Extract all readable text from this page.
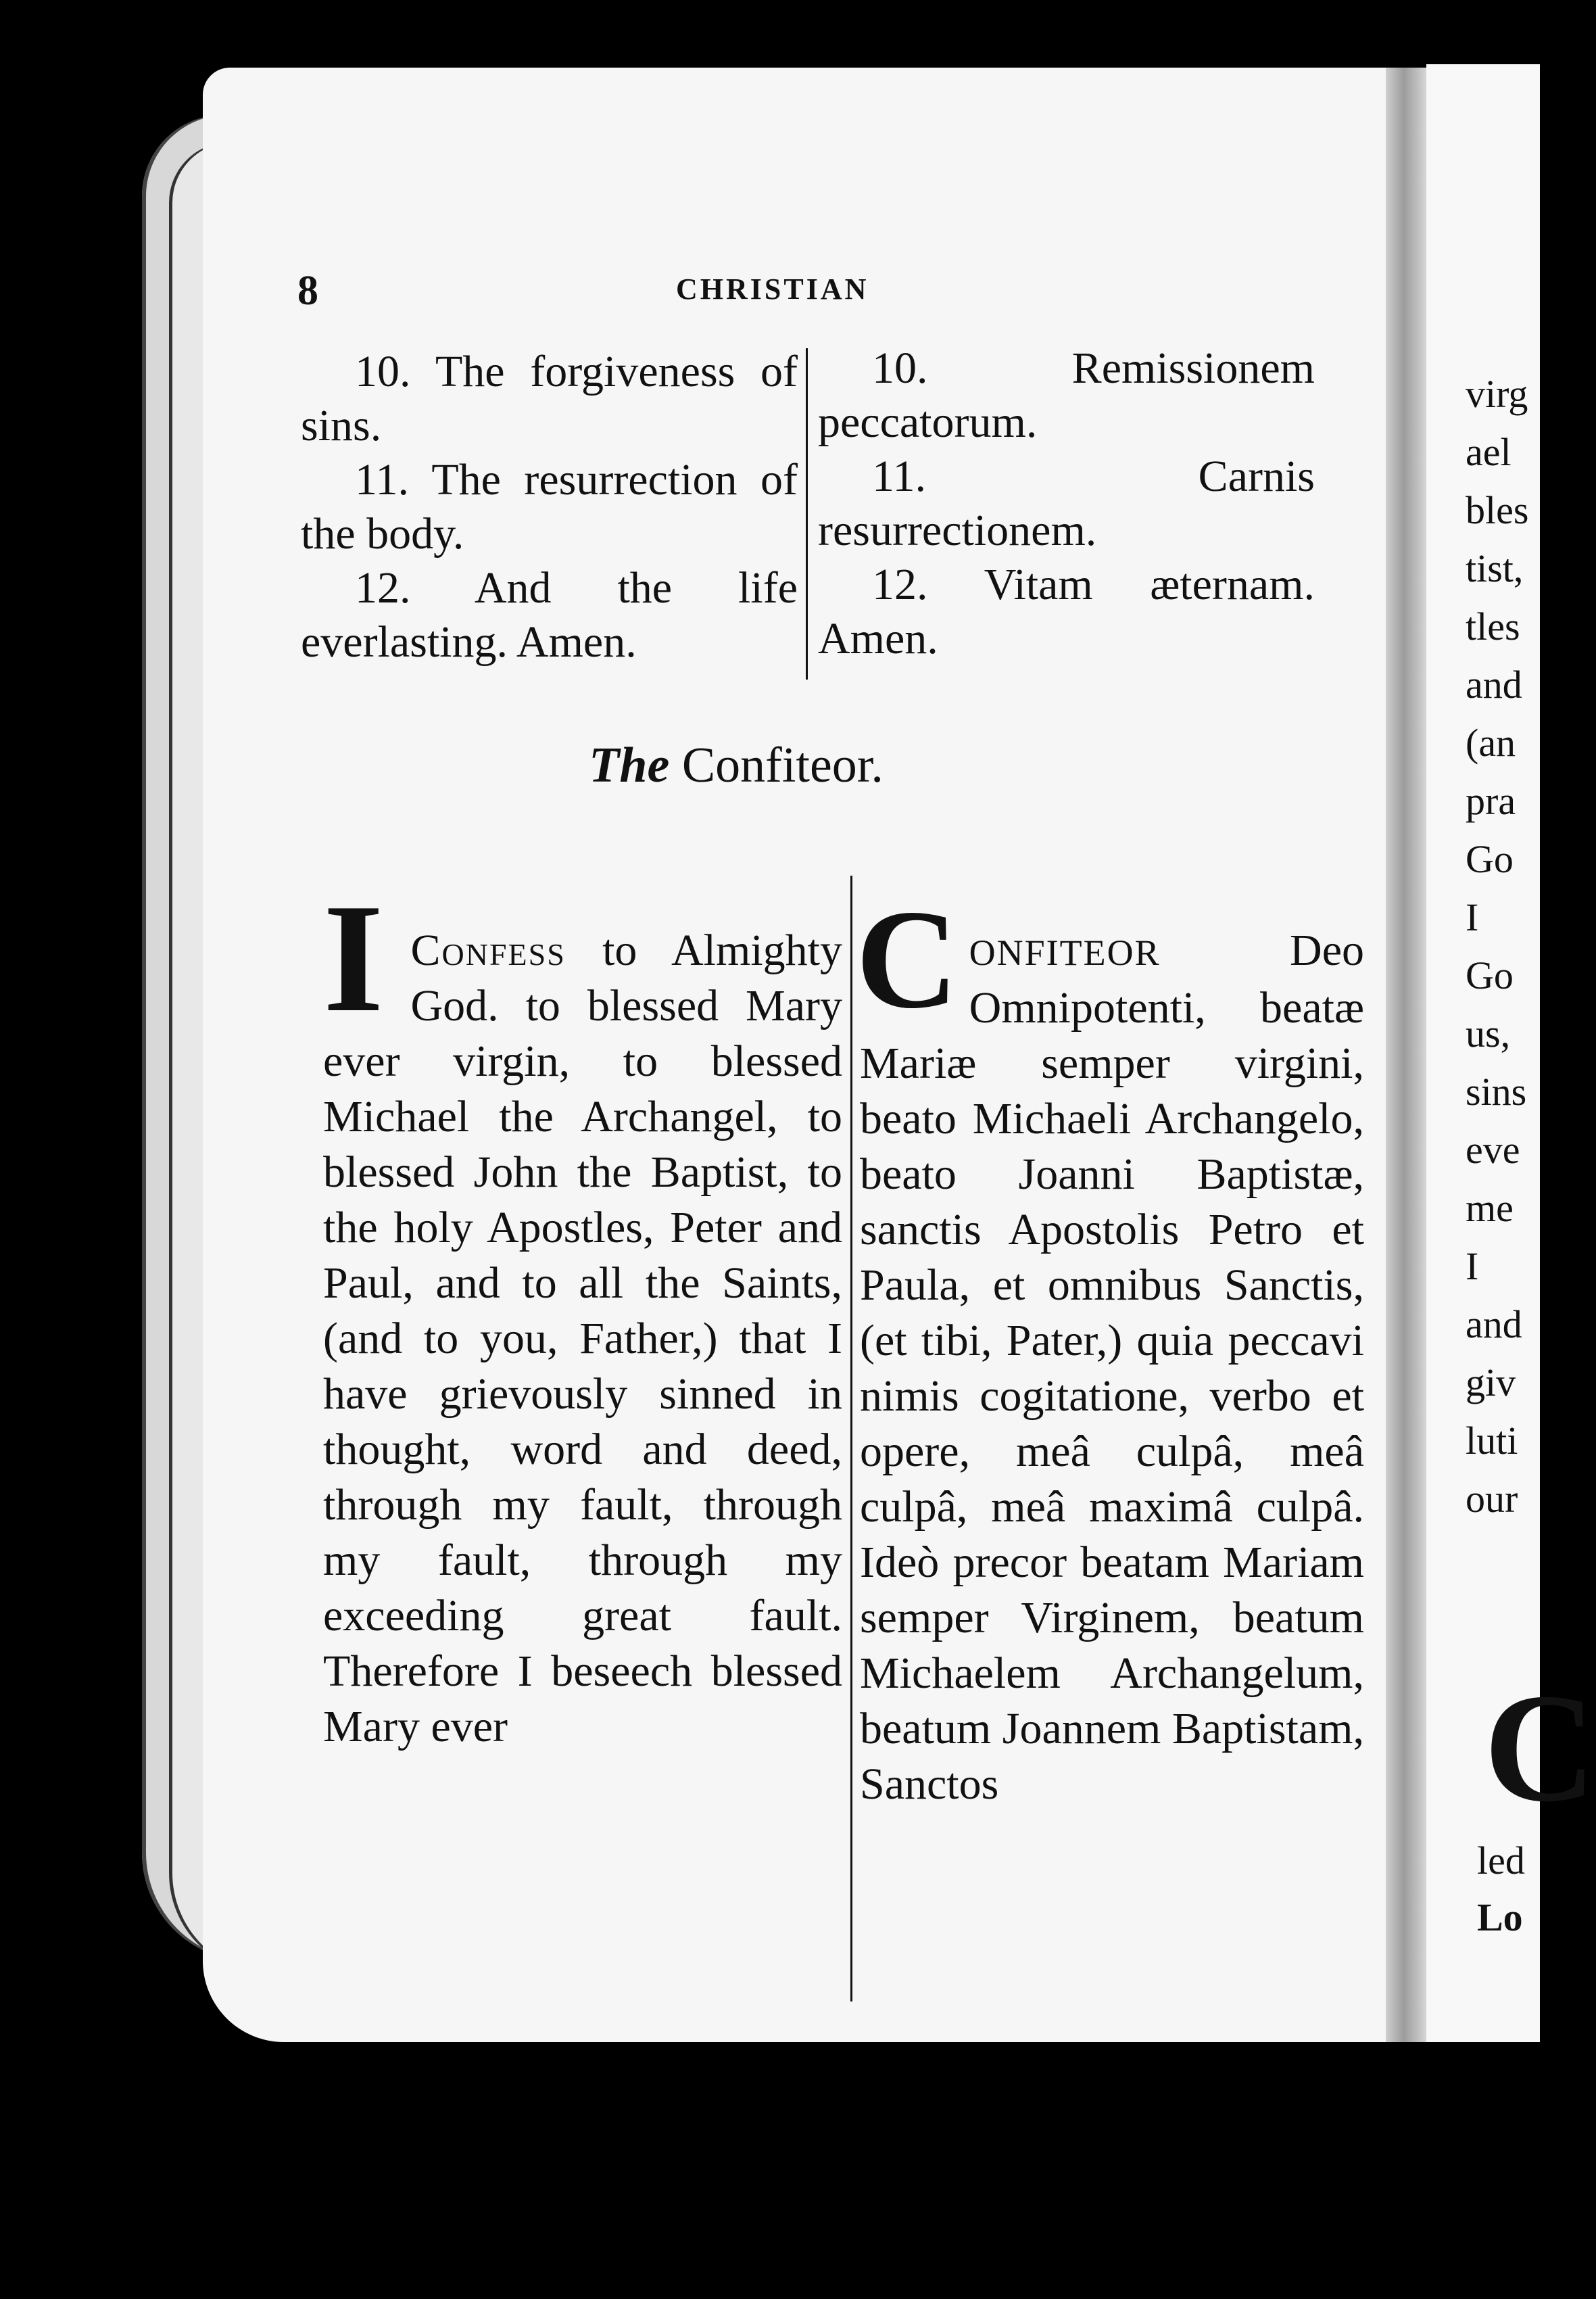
virg
ael
bles
tist,
tles
and
(an
pra
Go
I
Go
us,
sins
eve
me
I
and
giv
luti
our
C
led
Lo
8	CHRISTIAN

10. The forgiveness of sins.

11. The resurrection of the body.

12. And the life everlasting. Amen.

10. Remissionem peccatorum.

11. Carnis resurrectionem.

12. Vitam æternam. Amen.

The Confiteor.
I Confess to Almighty God. to blessed Mary ever virgin, to blessed Michael the Archangel, to blessed John the Baptist, to the holy Apostles, Peter and Paul, and to all the Saints, (and to you, Father,) that I have grievously sinned in thought, word and deed, through my fault, through my fault, through my exceeding great fault. Therefore I beseech blessed Mary ever
C ONFITEOR	Deo Omnipotenti, beatæ Mariæ semper virgini, beato Michaeli Archangelo, beato Joanni Baptistæ, sanctis Apostolis Petro et Paula, et omnibus Sanctis, (et tibi, Pater,) quia peccavi nimis cogitatione, verbo et opere, meâ culpâ, meâ culpâ, meâ maximâ culpâ. Ideò precor beatam Mariam semper Virginem, beatum Michaelem Archangelum, beatum Joannem Baptistam, Sanctos
